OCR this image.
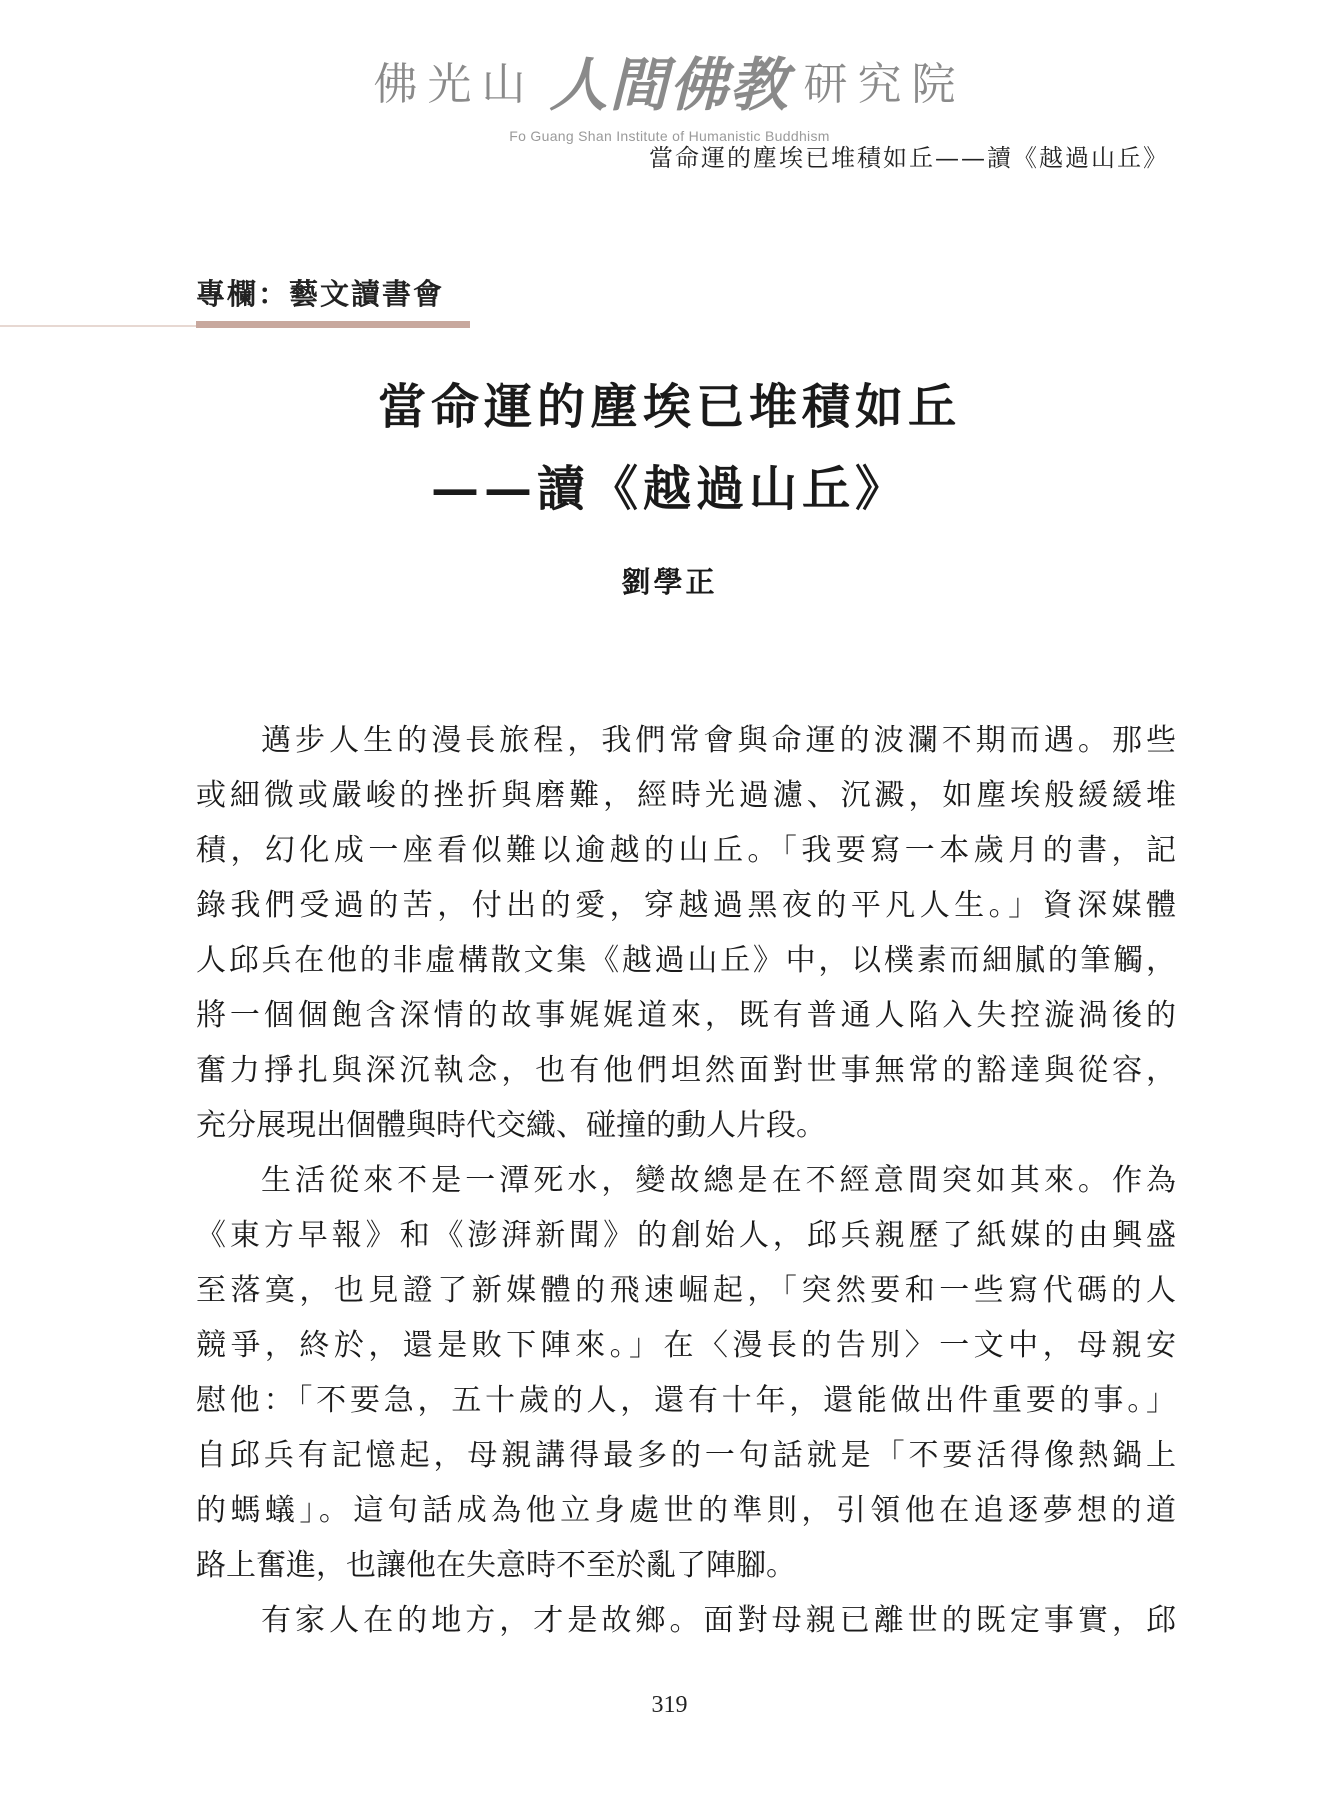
佛光山 人間佛教 研究院
Fo Guang Shan Institute of Humanistic Buddhism
當命運的塵埃已堆積如丘——讀《越過山丘》
專欄：藝文讀書會
當命運的塵埃已堆積如丘
——讀《越過山丘》
劉學正
邁步人生的漫長旅程，我們常會與命運的波瀾不期而遇。那些
或細微或嚴峻的挫折與磨難，經時光過濾、沉澱，如塵埃般緩緩堆
積，幻化成一座看似難以逾越的山丘。「我要寫一本歲月的書，記
錄我們受過的苦，付出的愛，穿越過黑夜的平凡人生。」資深媒體
人邱兵在他的非虛構散文集《越過山丘》中，以樸素而細膩的筆觸，
將一個個飽含深情的故事娓娓道來，既有普通人陷入失控漩渦後的
奮力掙扎與深沉執念，也有他們坦然面對世事無常的豁達與從容，
充分展現出個體與時代交織、碰撞的動人片段。
生活從來不是一潭死水，變故總是在不經意間突如其來。作為
《東方早報》和《澎湃新聞》的創始人，邱兵親歷了紙媒的由興盛
至落寞，也見證了新媒體的飛速崛起，「突然要和一些寫代碼的人
競爭，終於，還是敗下陣來。」在〈漫長的告別〉一文中，母親安
慰他：「不要急，五十歲的人，還有十年，還能做出件重要的事。」
自邱兵有記憶起，母親講得最多的一句話就是「不要活得像熱鍋上
的螞蟻」。這句話成為他立身處世的準則，引領他在追逐夢想的道
路上奮進，也讓他在失意時不至於亂了陣腳。
有家人在的地方，才是故鄉。面對母親已離世的既定事實，邱
319
